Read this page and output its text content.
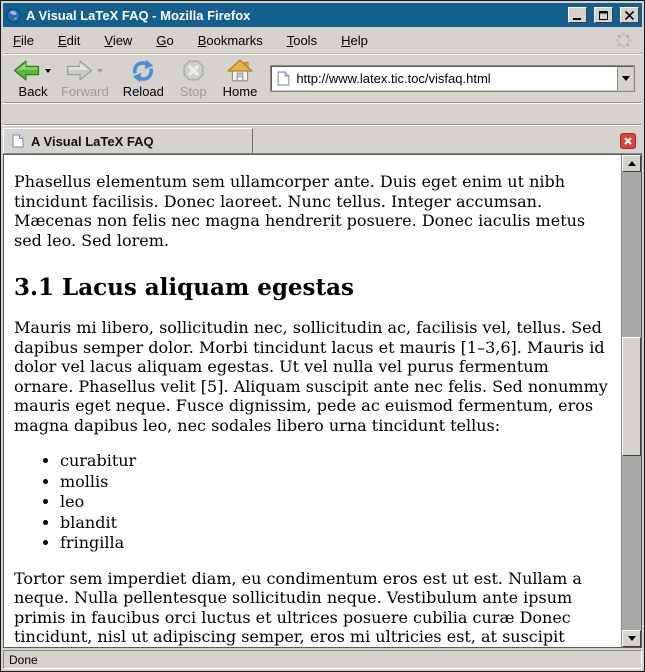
A Visual LaTeX FAQ - Mozilla Firefox
File Edit View Go Bookmarks Tools Help
Back Forward Reload Stop Home
http://www.latex.tic.toc/visfaq.html
A Visual LaTeX FAQ

Phasellus elementum sem ullamcorper ante. Duis eget enim ut nibh tincidunt facilisis. Donec laoreet. Nunc tellus. Integer accumsan. Mæcenas non felis nec magna hendrerit posuere. Donec iaculis metus sed leo. Sed lorem.

3.1 Lacus aliquam egestas

Mauris mi libero, sollicitudin nec, sollicitudin ac, facilisis vel, tellus. Sed dapibus semper dolor. Morbi tincidunt lacus et mauris [1–3,6]. Mauris id dolor vel lacus aliquam egestas. Ut vel nulla vel purus fermentum ornare. Phasellus velit [5]. Aliquam suscipit ante nec felis. Sed nonummy mauris eget neque. Fusce dignissim, pede ac euismod fermentum, eros magna dapibus leo, nec sodales libero urna tincidunt tellus:

• curabitur
• mollis
• leo
• blandit
• fringilla

Tortor sem imperdiet diam, eu condimentum eros est ut est. Nullam a neque. Nulla pellentesque sollicitudin neque. Vestibulum ante ipsum primis in faucibus orci luctus et ultrices posuere cubilia curæ Donec tincidunt, nisl ut adipiscing semper, eros mi ultricies est, at suscipit

Done
